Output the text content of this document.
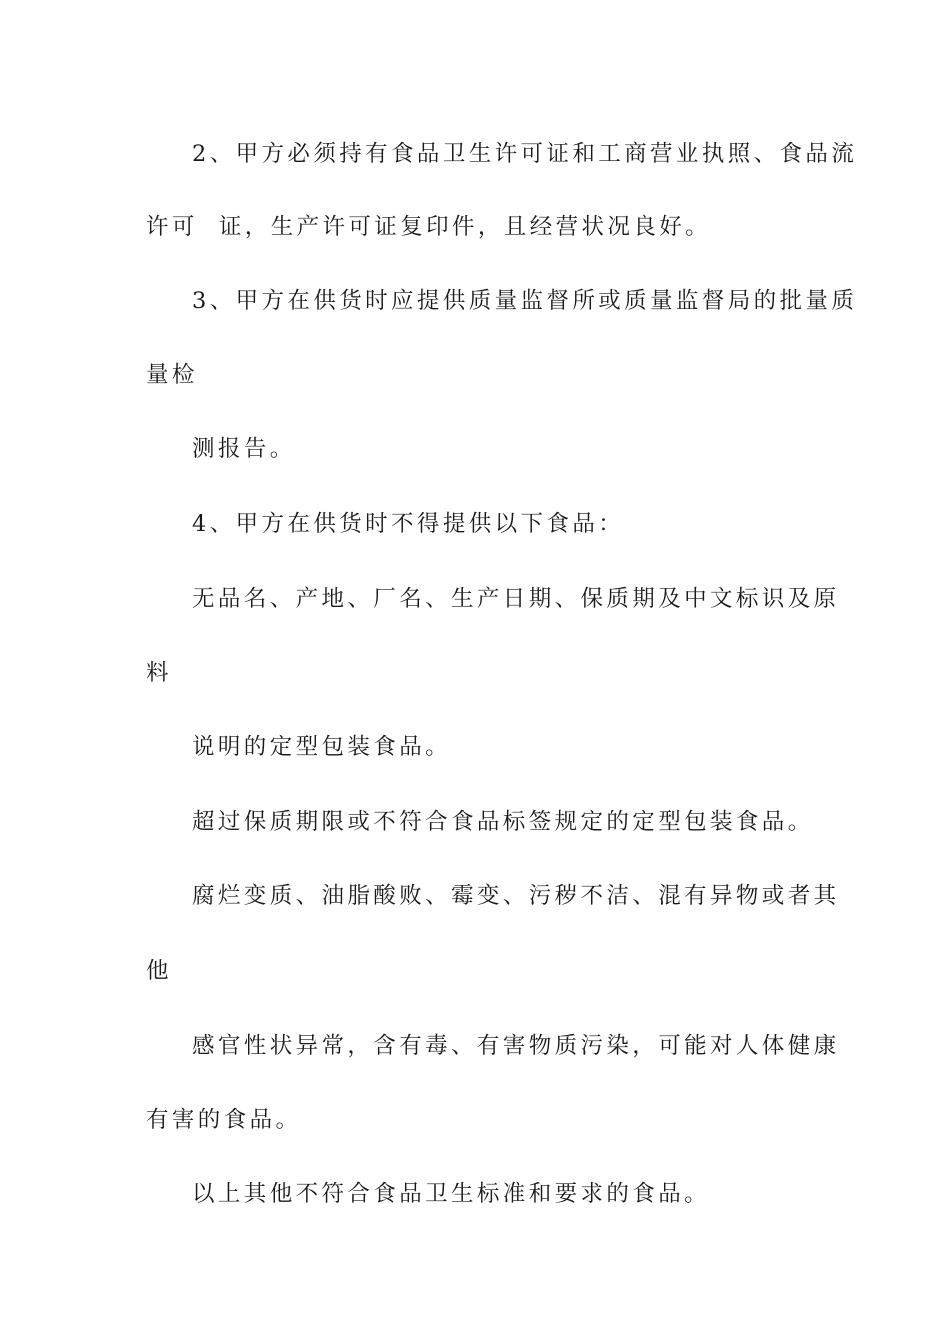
2、甲方必须持有食品卫生许可证和工商营业执照、食品流
许可  证，生产许可证复印件，且经营状况良好。
3、甲方在供货时应提供质量监督所或质量监督局的批量质
量检
测报告。
4、甲方在供货时不得提供以下食品：
无品名、产地、厂名、生产日期、保质期及中文标识及原
料
说明的定型包装食品。
超过保质期限或不符合食品标签规定的定型包装食品。
腐烂变质、油脂酸败、霉变、污秽不洁、混有异物或者其
他
感官性状异常，含有毒、有害物质污染，可能对人体健康
有害的食品。
以上其他不符合食品卫生标准和要求的食品。
